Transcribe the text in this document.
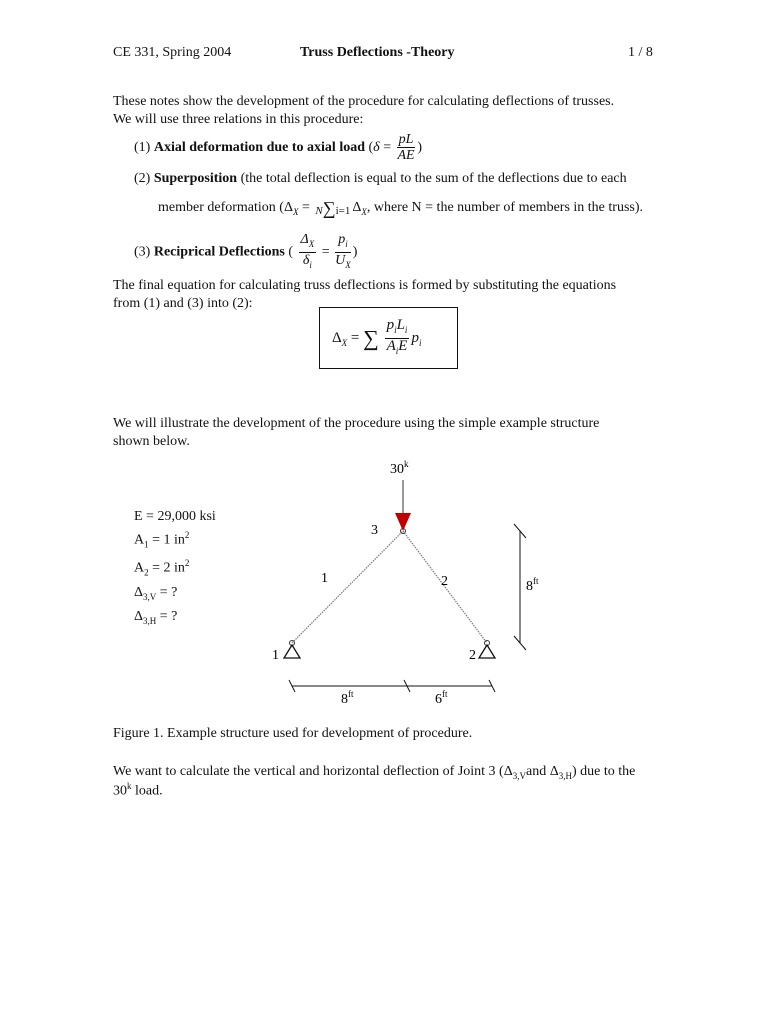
CE 331, Spring 2004	Truss Deflections -Theory	1 / 8
These notes show the development of the procedure for calculating deflections of trusses.
We will use three relations in this procedure:
(1) Axial deformation due to axial load ($\delta = \frac{pL}{AE}$ )
(2) Superposition (the total deflection is equal to the sum of the deflections due to each
member deformation ($\Delta_X = N\sum i=1$ $\Delta_X$, where N = the number of members in the truss).
(3) Reciprical Deflections ( $\frac{\Delta_X}{\delta_i} = \frac{p_i}{U_X}$ )
The final equation for calculating truss deflections is formed by substituting the equations
from (1) and (3) into (2):
$\Delta_X$ = ∑ $\frac{p_iL_i}{A_iE} p_i$
We will illustrate the development of the procedure using the simple example structure
shown below.
E = 29,000 ksi
$A_1 = 1$ $in^2$
$A_2 = 2$ $in^2$
$\Delta_{3,V}$ = ?
$\Delta_{3,H}$ = ?
30$^k$
3
1	2
1	2	$8^{ft}$
$8^{ft}$	$6^{ft}$
Figure 1. Example structure used for development of procedure.
We want to calculate the vertical and horizontal deflection of Joint 3 ($\Delta_{3,V}and$ $\Delta_{3,H}$) due to the
30$^k$ load.
